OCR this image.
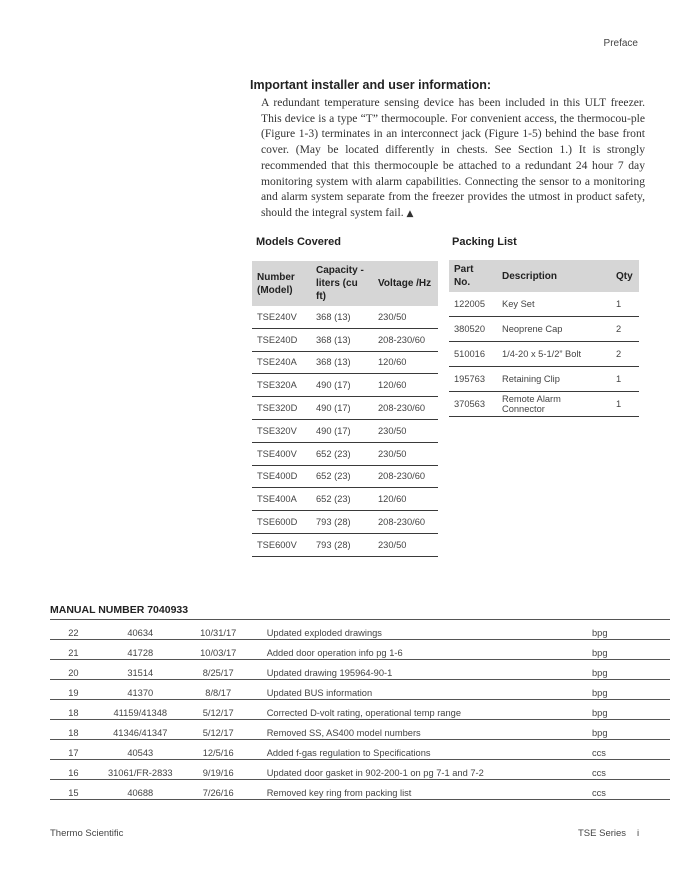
Preface
Important installer and user information:

A redundant temperature sensing device has been included in this ULT freezer. This device is a type “T” thermocouple. For convenient access, the thermocou-ple (Figure 1-3) terminates in an interconnect jack (Figure 1-5) behind the base front cover. (May be located differently in chests. See Section 1.) It is strongly recommended that this thermocouple be attached to a redundant 24 hour 7 day monitoring system with alarm capabilities. Connecting the sensor to a monitoring and alarm system separate from the freezer provides the utmost in product safety, should the integral system fail. ▲

Models Covered
Number (Model)	Capacity - liters (cu ft)	Voltage /Hz
TSE240V	368 (13)	230/50
TSE240D	368 (13)	208-230/60
TSE240A	368 (13)	120/60
TSE320A	490 (17)	120/60
TSE320D	490 (17)	208-230/60
TSE320V	490 (17)	230/50
TSE400V	652 (23)	230/50
TSE400D	652 (23)	208-230/60
TSE400A	652 (23)	120/60
TSE600D	793 (28)	208-230/60
TSE600V	793 (28)	230/50
Packing List
Part No.	Description	Qty
122005	Key Set	1
380520	Neoprene Cap	2
510016	1/4-20 x 5-1/2” Bolt	2
195763	Retaining Clip	1
370563	Remote Alarm Connector	1
MANUAL NUMBER 7040933
22	40634	10/31/17	Updated exploded drawings	bpg
21	41728	10/03/17	Added door operation info pg 1-6	bpg
20	31514	8/25/17	Updated drawing 195964-90-1	bpg
19	41370	8/8/17	Updated BUS information	bpg
18	41159/41348	5/12/17	Corrected D-volt rating, operational temp range	bpg
18	41346/41347	5/12/17	Removed SS, AS400 model numbers	bpg
17	40543	12/5/16	Added f-gas regulation to Specifications	ccs
16	31061/FR-2833	9/19/16	Updated door gasket in 902-200-1 on pg 7-1 and 7-2	ccs
15	40688	7/26/16	Removed key ring from packing list	ccs
Thermo Scientific	TSE Series i
